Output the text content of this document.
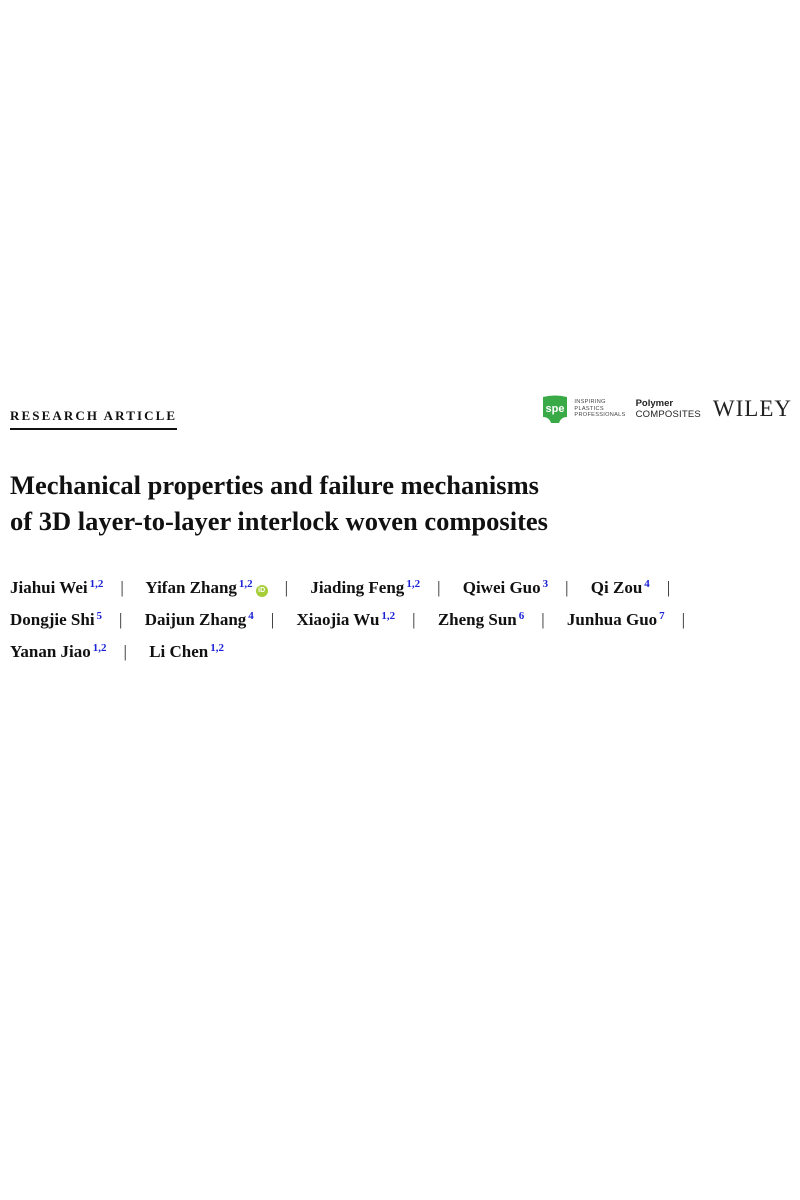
RESEARCH ARTICLE	spe
INSPIRING
PLASTICS
PROFESSIONALS
Polymer
COMPOSITES WILEY
Mechanical properties and failure mechanisms
of 3D layer-to-layer interlock woven composites
Jiahui Wei $^{1,2}$ | Yifan Zhang $^{1,2}$iD | Jiading Feng $^{1,2}$ | Qiwei Guo $^3$ | Qi Zou $^4$ |
Dongjie Shi $^5$ | Daijun Zhang $^4$ | Xiaojia Wu $^{1,2}$ | Zheng Sun $^6$ | Junhua Guo $^7$ |
Yanan Jiao $^{1,2}$ | Li Chen $^{1,2}$
